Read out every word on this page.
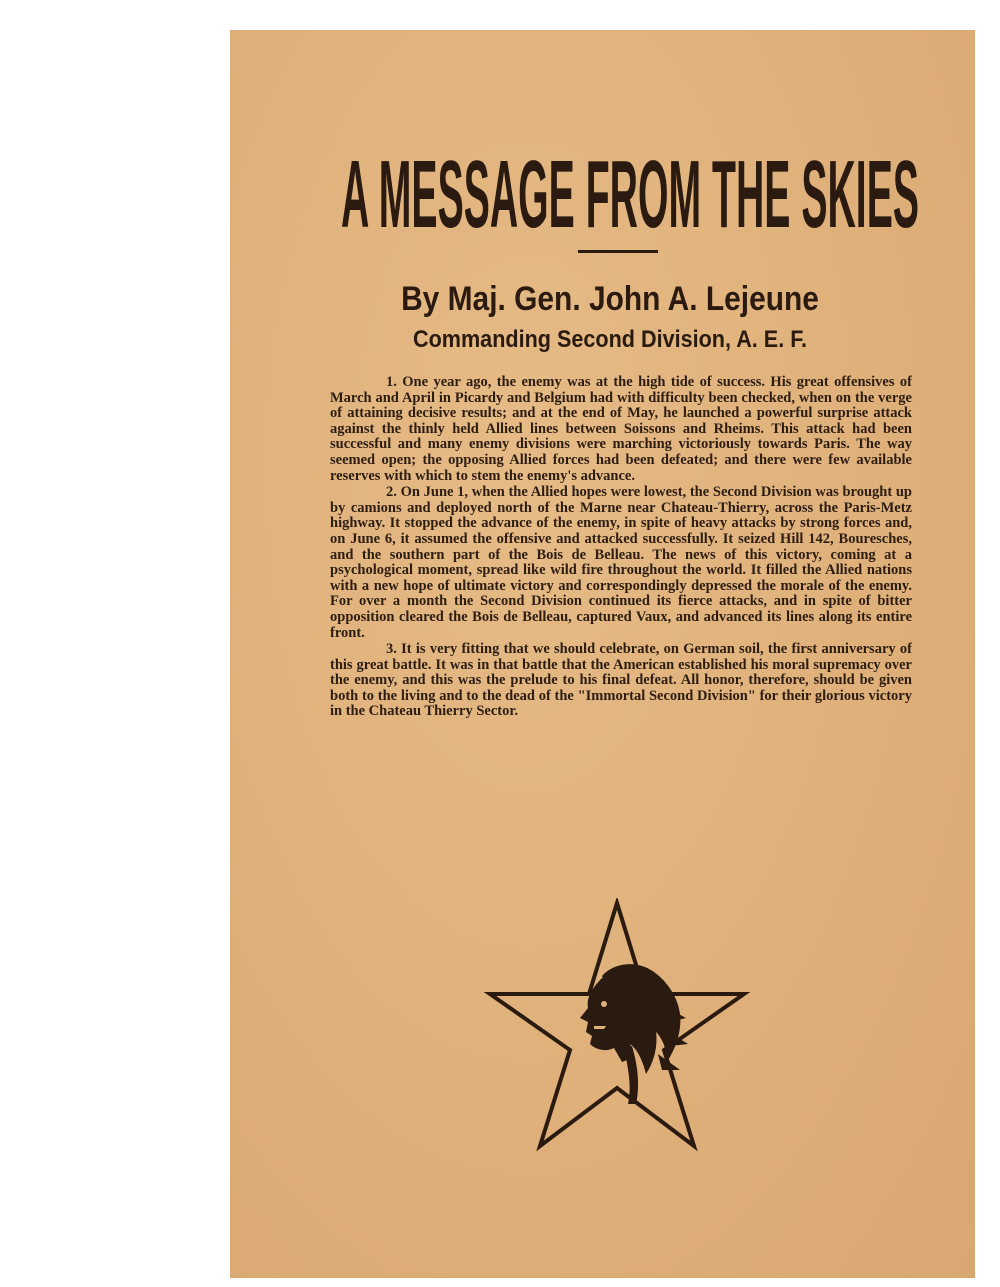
A MESSAGE FROM THE SKIES
By Maj. Gen. John A. Lejeune
Commanding Second Division, A. E. F.

1. One year ago, the enemy was at the high tide of success. His great offensives of March and April in Picardy and Belgium had with difficulty been checked, when on the verge of attaining decisive results; and at the end of May, he launched a powerful surprise attack against the thinly held Allied lines between Soissons and Rheims. This attack had been successful and many enemy divisions were marching victoriously towards Paris. The way seemed open; the opposing Allied forces had been defeated; and there were few available reserves with which to stem the enemy's advance.

2. On June 1, when the Allied hopes were lowest, the Second Division was brought up by camions and deployed north of the Marne near Chateau-Thierry, across the Paris-Metz highway. It stopped the advance of the enemy, in spite of heavy attacks by strong forces and, on June 6, it assumed the offensive and attacked successfully. It seized Hill 142, Bouresches, and the southern part of the Bois de Belleau. The news of this victory, coming at a psychological moment, spread like wild fire throughout the world. It filled the Allied nations with a new hope of ultimate victory and correspondingly depressed the morale of the enemy. For over a month the Second Division continued its fierce attacks, and in spite of bitter opposition cleared the Bois de Belleau, captured Vaux, and advanced its lines along its entire front.

3. It is very fitting that we should celebrate, on German soil, the first anniversary of this great battle. It was in that battle that the American established his moral supremacy over the enemy, and this was the prelude to his final defeat. All honor, therefore, should be given both to the living and to the dead of the "Immortal Second Division" for their glorious victory in the Chateau Thierry Sector.
